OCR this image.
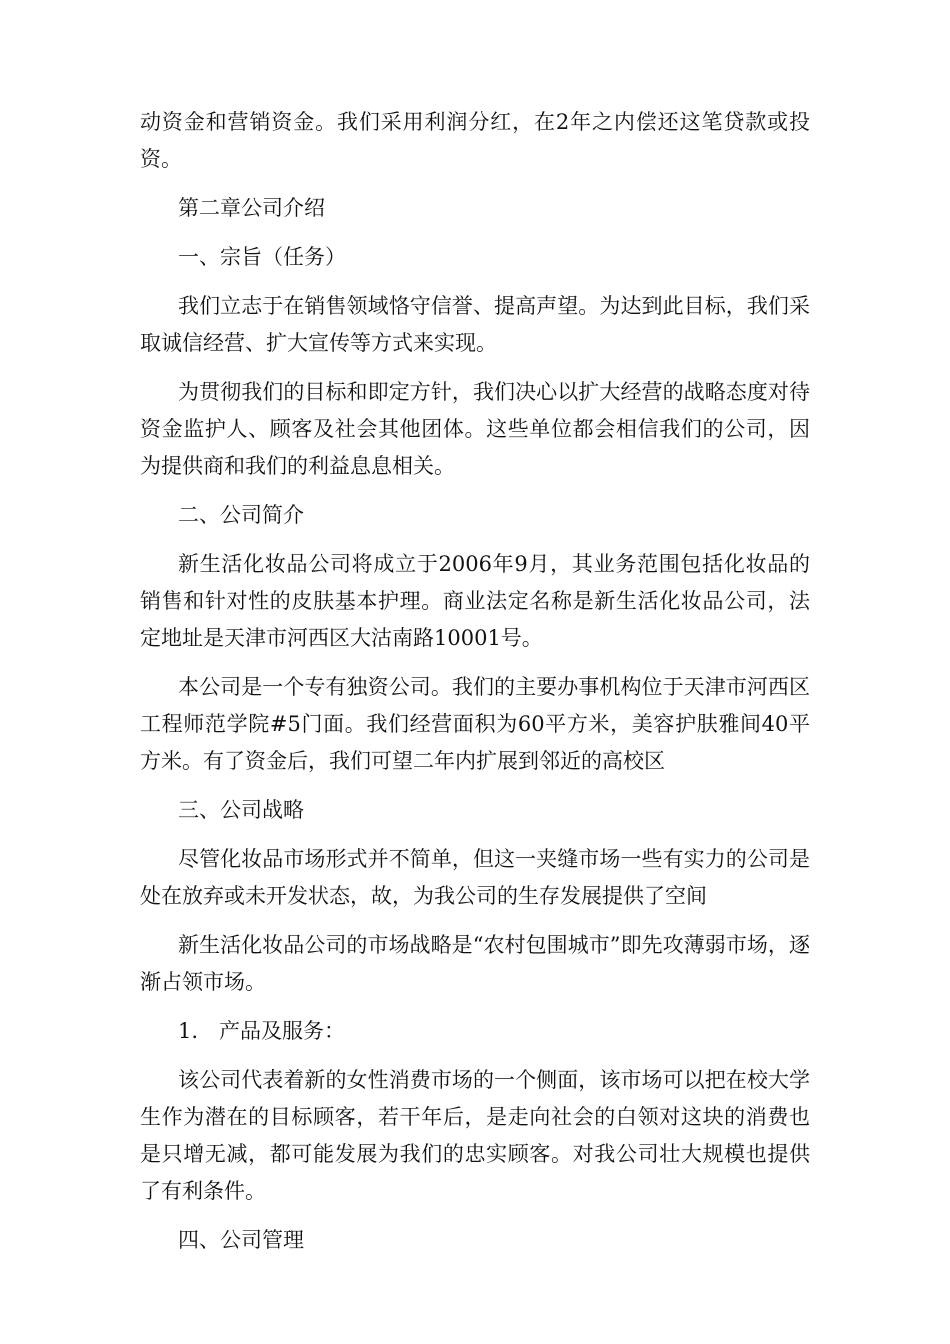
动资金和营销资金。我们采用利润分红，在2年之内偿还这笔贷款或投资。

第二章公司介绍

一、宗旨（任务）

我们立志于在销售领域恪守信誉、提高声望。为达到此目标，我们采取诚信经营、扩大宣传等方式来实现。

为贯彻我们的目标和即定方针，我们决心以扩大经营的战略态度对待资金监护人、顾客及社会其他团体。这些单位都会相信我们的公司，因为提供商和我们的利益息息相关。

二、公司简介

新生活化妆品公司将成立于2006年9月，其业务范围包括化妆品的销售和针对性的皮肤基本护理。商业法定名称是新生活化妆品公司，法定地址是天津市河西区大沽南路10001号。

本公司是一个专有独资公司。我们的主要办事机构位于天津市河西区工程师范学院#5门面。我们经营面积为60平方米，美容护肤雅间40平方米。有了资金后，我们可望二年内扩展到邻近的高校区

三、公司战略

尽管化妆品市场形式并不简单，但这一夹缝市场一些有实力的公司是处在放弃或未开发状态，故，为我公司的生存发展提供了空间

新生活化妆品公司的市场战略是“农村包围城市”即先攻薄弱市场，逐渐占领市场。

1.　产品及服务：

该公司代表着新的女性消费市场的一个侧面，该市场可以把在校大学生作为潜在的目标顾客，若干年后，是走向社会的白领对这块的消费也是只增无减，都可能发展为我们的忠实顾客。对我公司壮大规模也提供了有利条件。

四、公司管理
